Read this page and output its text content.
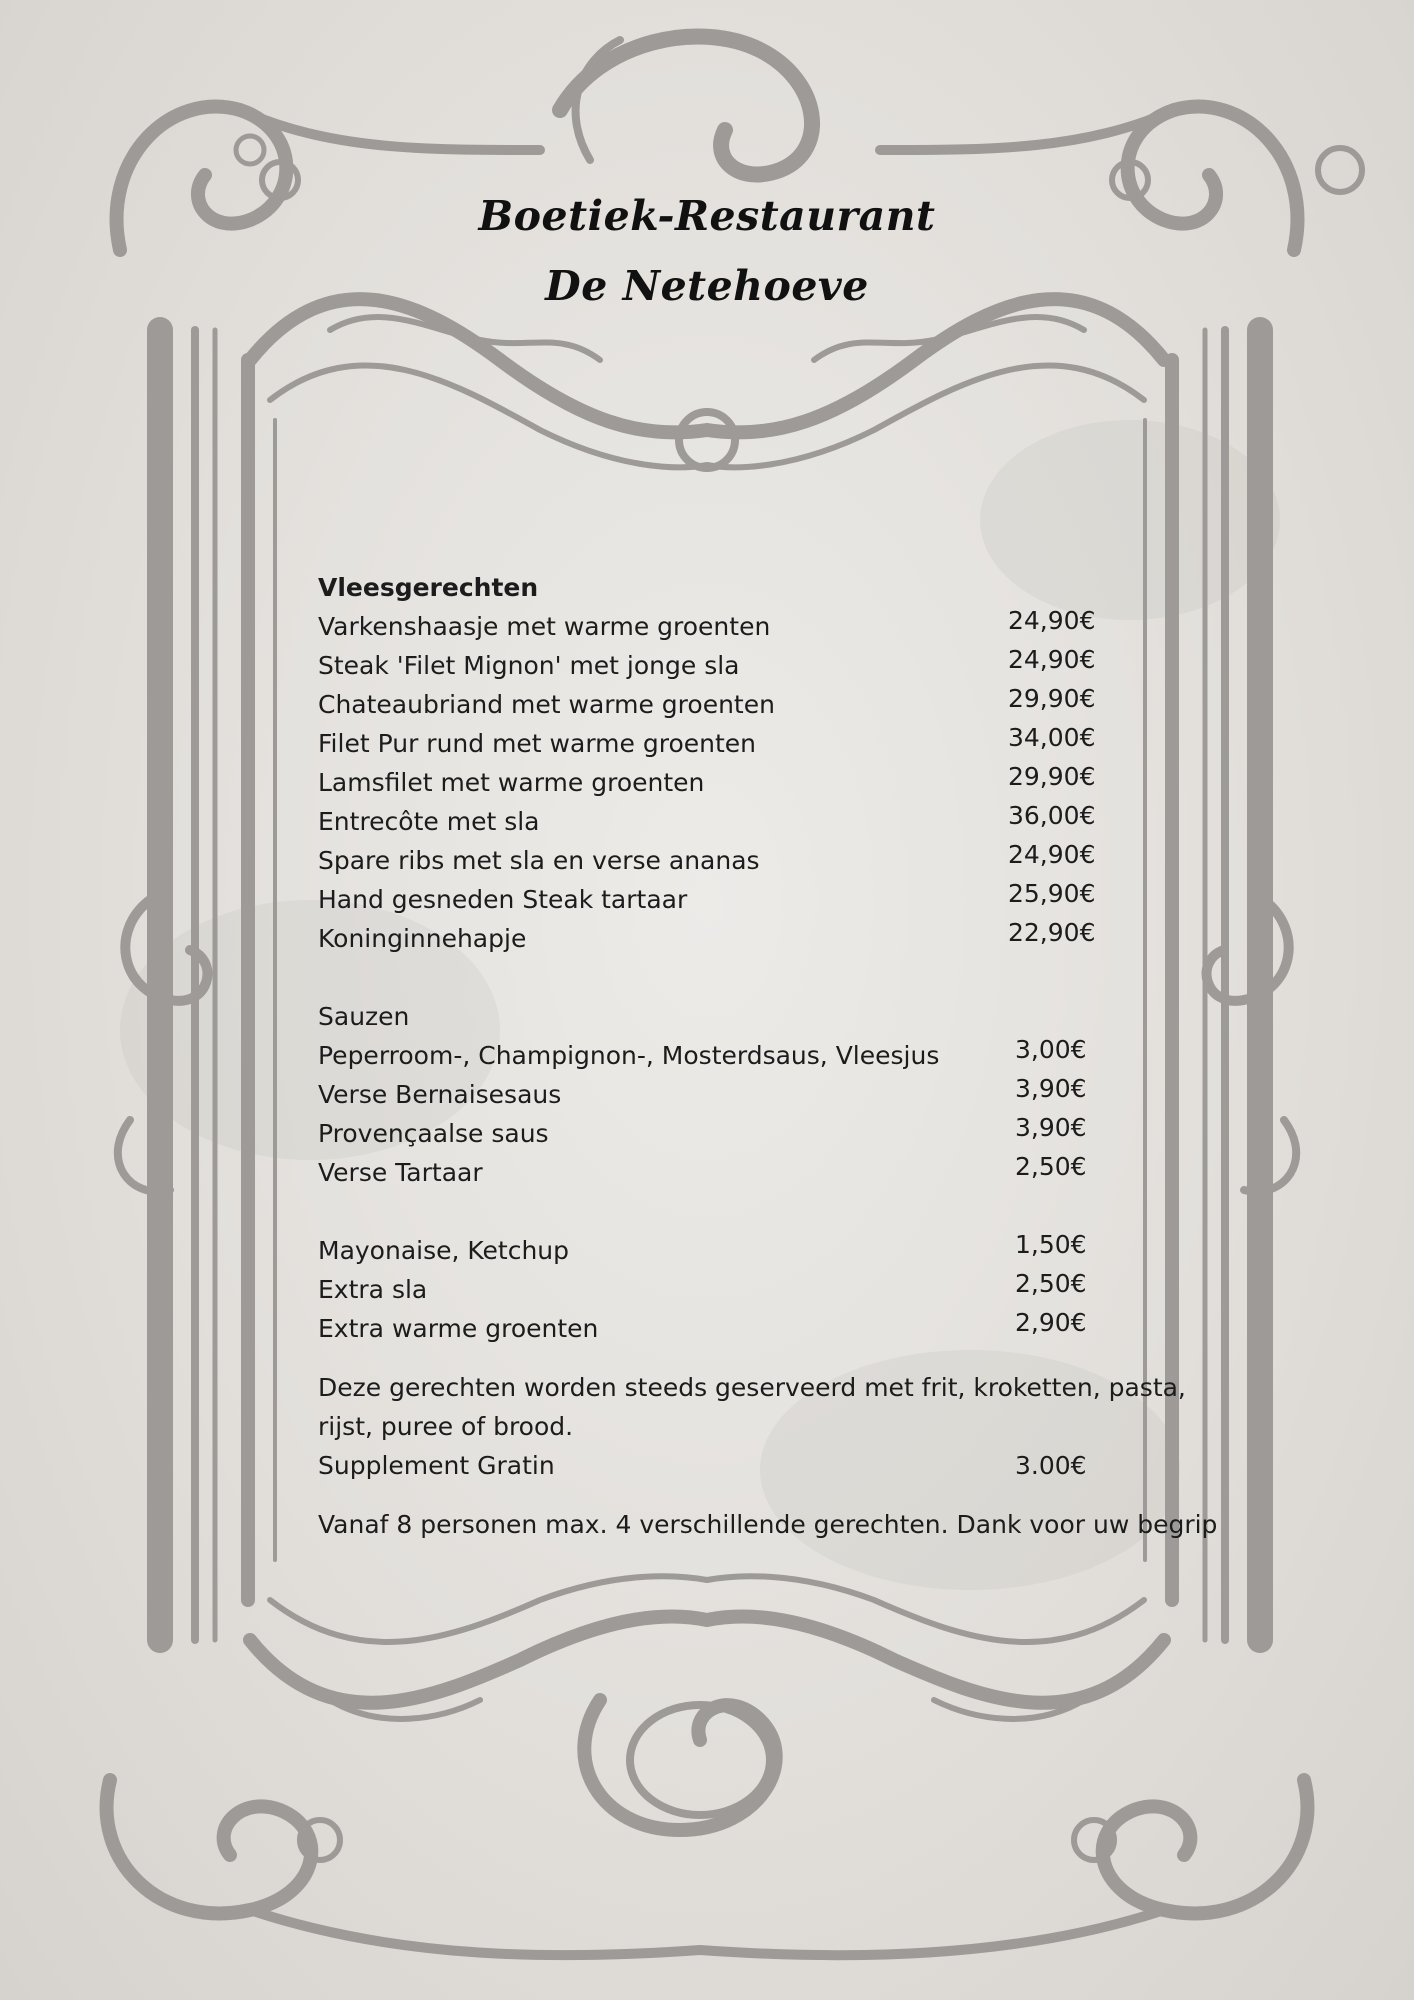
Boetiek-Restaurant
De Netehoeve
Vleesgerechten
Varkenshaasje met warme groenten	24,90€
Steak 'Filet Mignon' met jonge sla	24,90€
Chateaubriand met warme groenten	29,90€
Filet Pur rund met warme groenten	34,00€
Lamsfilet met warme groenten	29,90€
Entrecôte met sla	36,00€
Spare ribs met sla en verse ananas	24,90€
Hand gesneden Steak tartaar	25,90€
Koninginnehapje	22,90€
Sauzen
Peperroom-, Champignon-, Mosterdsaus, Vleesjus	3,00€
Verse Bernaisesaus	3,90€
Provençaalse saus	3,90€
Verse Tartaar	2,50€
Mayonaise, Ketchup	1,50€
Extra sla	2,50€
Extra warme groenten	2,90€
Deze gerechten worden steeds geserveerd met frit, kroketten, pasta,
rijst, puree of brood.
Supplement Gratin	3.00€
Vanaf 8 personen max. 4 verschillende gerechten. Dank voor uw begrip
